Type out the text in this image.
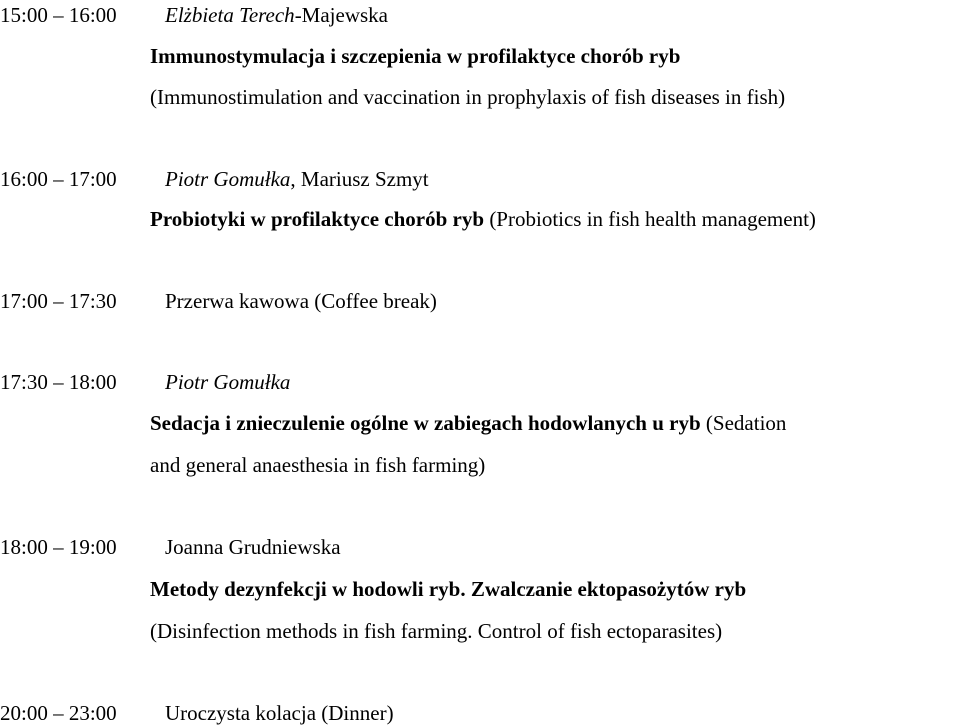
15:00 – 16:00 Elżbieta Terech-Majewska
Immunostymulacja i szczepienia w profilaktyce chorób ryb
(Immunostimulation and vaccination in prophylaxis of fish diseases in fish)
16:00 – 17:00 Piotr Gomułka, Mariusz Szmyt
Probiotyki w profilaktyce chorób ryb (Probiotics in fish health management)
17:00 – 17:30 Przerwa kawowa (Coffee break)
17:30 – 18:00 Piotr Gomułka
Sedacja i znieczulenie ogólne w zabiegach hodowlanych u ryb (Sedation
and general anaesthesia in fish farming)
18:00 – 19:00 Joanna Grudniewska
Metody dezynfekcji w hodowli ryb. Zwalczanie ektopasożytów ryb
(Disinfection methods in fish farming. Control of fish ectoparasites)
20:00 – 23:00 Uroczysta kolacja (Dinner)
